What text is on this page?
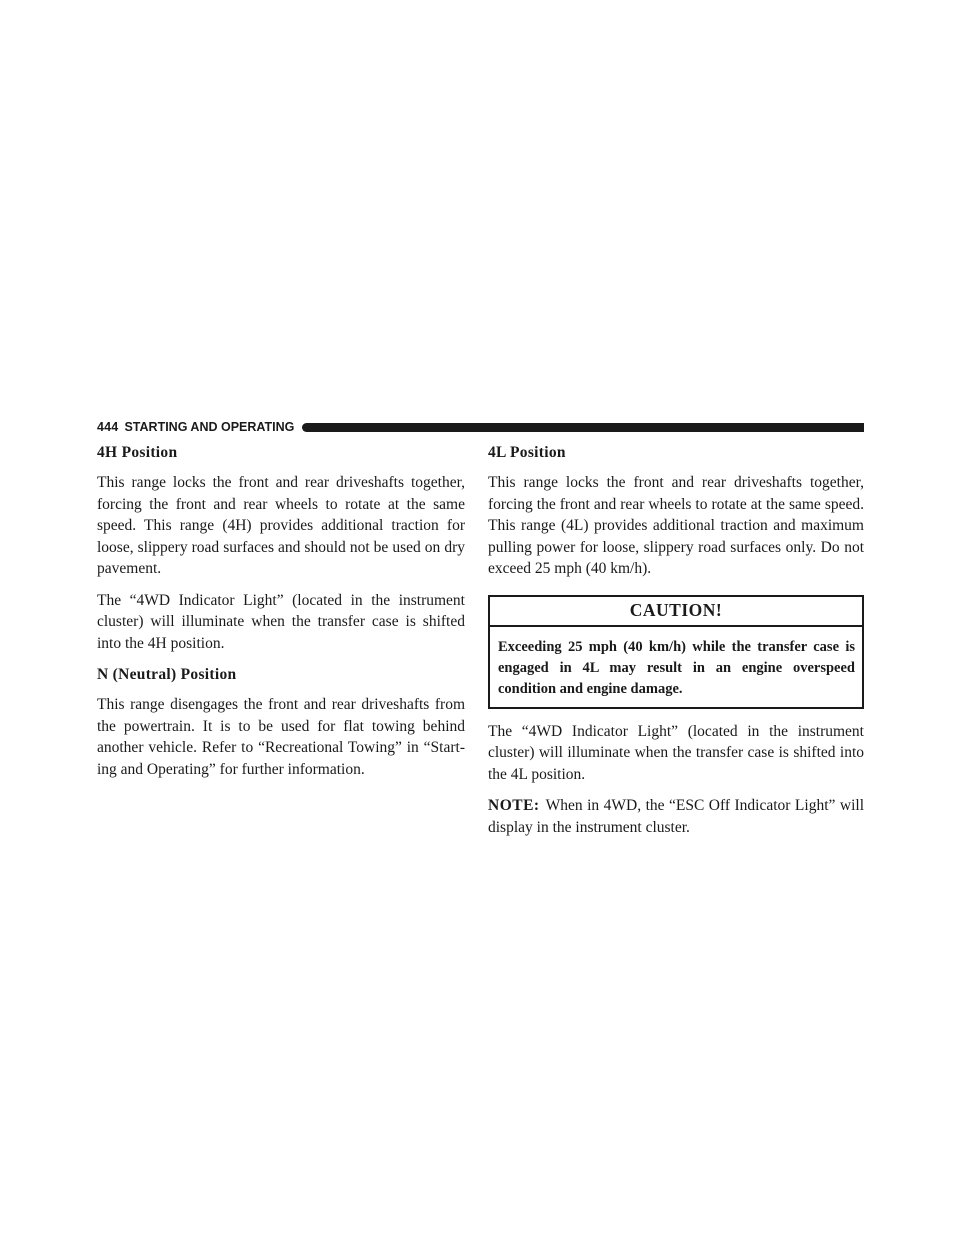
444 STARTING AND OPERATING
4H Position

This range locks the front and rear driveshafts together, forcing the front and rear wheels to rotate at the same speed. This range (4H) provides additional traction for loose, slippery road surfaces and should not be used on dry pavement.

The “4WD Indicator Light” (located in the instrument cluster) will illuminate when the transfer case is shifted into the 4H position.

N (Neutral) Position

This range disengages the front and rear driveshafts from the powertrain. It is to be used for flat towing behind another vehicle. Refer to “Recreational Towing” in “Start- ing and Operating” for further information.

4L Position

This range locks the front and rear driveshafts together, forcing the front and rear wheels to rotate at the same speed. This range (4L) provides additional traction and maximum pulling power for loose, slippery road surfaces only. Do not exceed 25 mph (40 km/h).

CAUTION!
Exceeding 25 mph (40 km/h) while the transfer case is engaged in 4L may result in an engine overspeed condition and engine damage.

The “4WD Indicator Light” (located in the instrument cluster) will illuminate when the transfer case is shifted into the 4L position.

NOTE: When in 4WD, the “ESC Off Indicator Light” will display in the instrument cluster.
